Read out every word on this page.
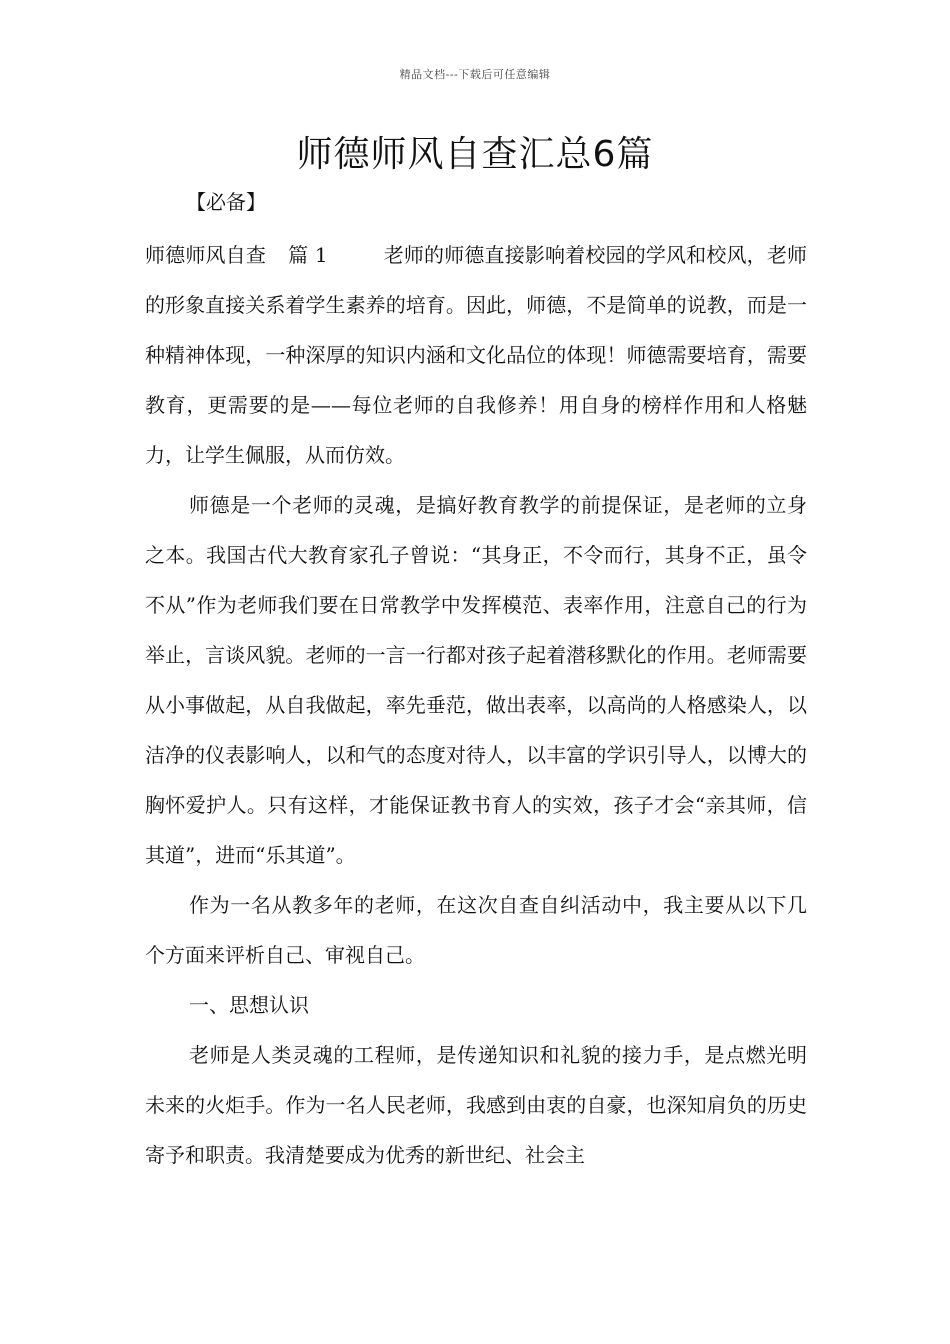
精品文档---下载后可任意编辑
师德师风自查汇总6篇
【必备】

师德师风自查 篇 1	老师的师德直接影响着校园的学风和校风，老师的形象直接关系着学生素养的培育。因此，师德，不是简单的说教，而是一种精神体现，一种深厚的知识内涵和文化品位的体现！师德需要培育，需要教育，更需要的是——每位老师的自我修养！用自身的榜样作用和人格魅力，让学生佩服，从而仿效。

师德是一个老师的灵魂，是搞好教育教学的前提保证，是老师的立身之本。我国古代大教育家孔子曾说：“其身正，不令而行，其身不正，虽令不从”作为老师我们要在日常教学中发挥模范、表率作用，注意自己的行为举止，言谈风貌。老师的一言一行都对孩子起着潜移默化的作用。老师需要从小事做起，从自我做起，率先垂范，做出表率，以高尚的人格感染人，以洁净的仪表影响人，以和气的态度对待人，以丰富的学识引导人，以博大的胸怀爱护人。只有这样，才能保证教书育人的实效，孩子才会“亲其师，信其道”，进而“乐其道”。

作为一名从教多年的老师，在这次自查自纠活动中，我主要从以下几个方面来评析自己、审视自己。

一、思想认识

老师是人类灵魂的工程师，是传递知识和礼貌的接力手，是点燃光明未来的火炬手。作为一名人民老师，我感到由衷的自豪，也深知肩负的历史寄予和职责。我清楚要成为优秀的新世纪、社会主
